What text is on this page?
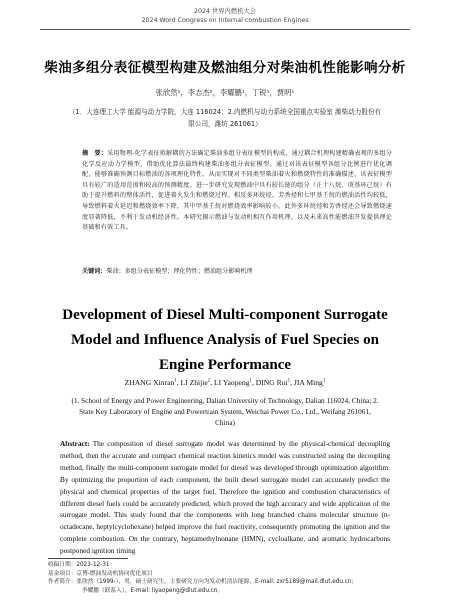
2024 世界内燃机大会
2024 Word Congress on Internal combustion Engines
柴油多组分表征模型构建及燃油组分对柴油机性能影响分析
张欣然¹，李志杰²，李耀鹏¹，丁锐¹，贾明¹
（1．大连理工大学 能源与动力学院，大连 116024；2.内燃机与动力系统全国重点实验室 潍柴动力股份有
限公司，潍坊 261061）
摘　要：采用物理-化学表征拟解耦的方法确定柴油多组分表征模型的构成，通过耦合机理构建精确表观的多组分化学反应动力学模型，借助优化算法最终构建柴油多组分表征模型。通过对该表征模型各组分比例进行优化调配，能够准确预测目标燃油的各项理化特性，从而实现对不同类型柴油着火和燃烧特性的准确描述，该表征模型具有较广的适用范围和较高的预测精度。进一步研究发现燃油中具有较长链的组分（正十八烷、庚基环己烷）有助于提升燃料的整体活性，促进着火发生和燃烧过程。相反多环烷烃、芳香烃和七甲基壬烷的燃油活性均较低，导致燃料着火延迟和燃烧效率下降，其中甲基壬烷对燃烧效率影响较小。此外多环烷烃和芳香烃还会导致燃烧速度显著降低，不利于发动机经济性。本研究揭示燃油与发动机相互作用机理，以及未来高性能燃油开发提供理论基础和有效工具。
关键词：柴油；多组分表征模型；理化特性；燃油组分影响机理
Development of Diesel Multi-component Surrogate
Model and Influence Analysis of Fuel Species on
Engine Performance
ZHANG Xinran$^1$, LI Zhijie$^2$, LI Yaopeng$^1$, DING Rui$^1$, JIA Ming$^1$
(1. School of Energy and Power Engineering, Dalian University of Technology, Dalian 116024, China; 2. State Key Laboratory of Engine and Powertrain System, Weichai Power Co., Ltd., Weifang 261061, China)
Abstract: The composition of diesel surrogate model was determined by the physical-chemical decoupling method, then the accurate and compact chemical reaction kinetics model was constructed using the decoupling method, finally the multi-component surrogate model for diesel was developed through optimization algorithm. By optimizing the proportion of each component, the built diesel surrogate model can accurately predict the physical and chemical properties of the target fuel. Therefore the ignition and combustion characteristics of different diesel fuels could be accurately predicted, which proved the high accuracy and wide application of the surrogate model. This study found that the components with long branched chains molecular structure (n-octadecane, heptylcyclohexane) helped improve the fuel reactivity, consequently promoting the ignition and the complete combustion. On the contrary, heptamethylnonane (HMN), cycloalkane, and aromatic hydrocarbons postponed ignition timing
收稿日期：2023-12-31
基金项目：京博-燃油发动机协同优化项目
作者简介：张欣然（1999-），男，硕士研究生，主要研究方向为发动机清洁能源，E-mail: zxr5189@mail.dlut.edu.cn；
李耀鹏（联系人），E-mail: liyaopeng@dlut.edu.cn。
